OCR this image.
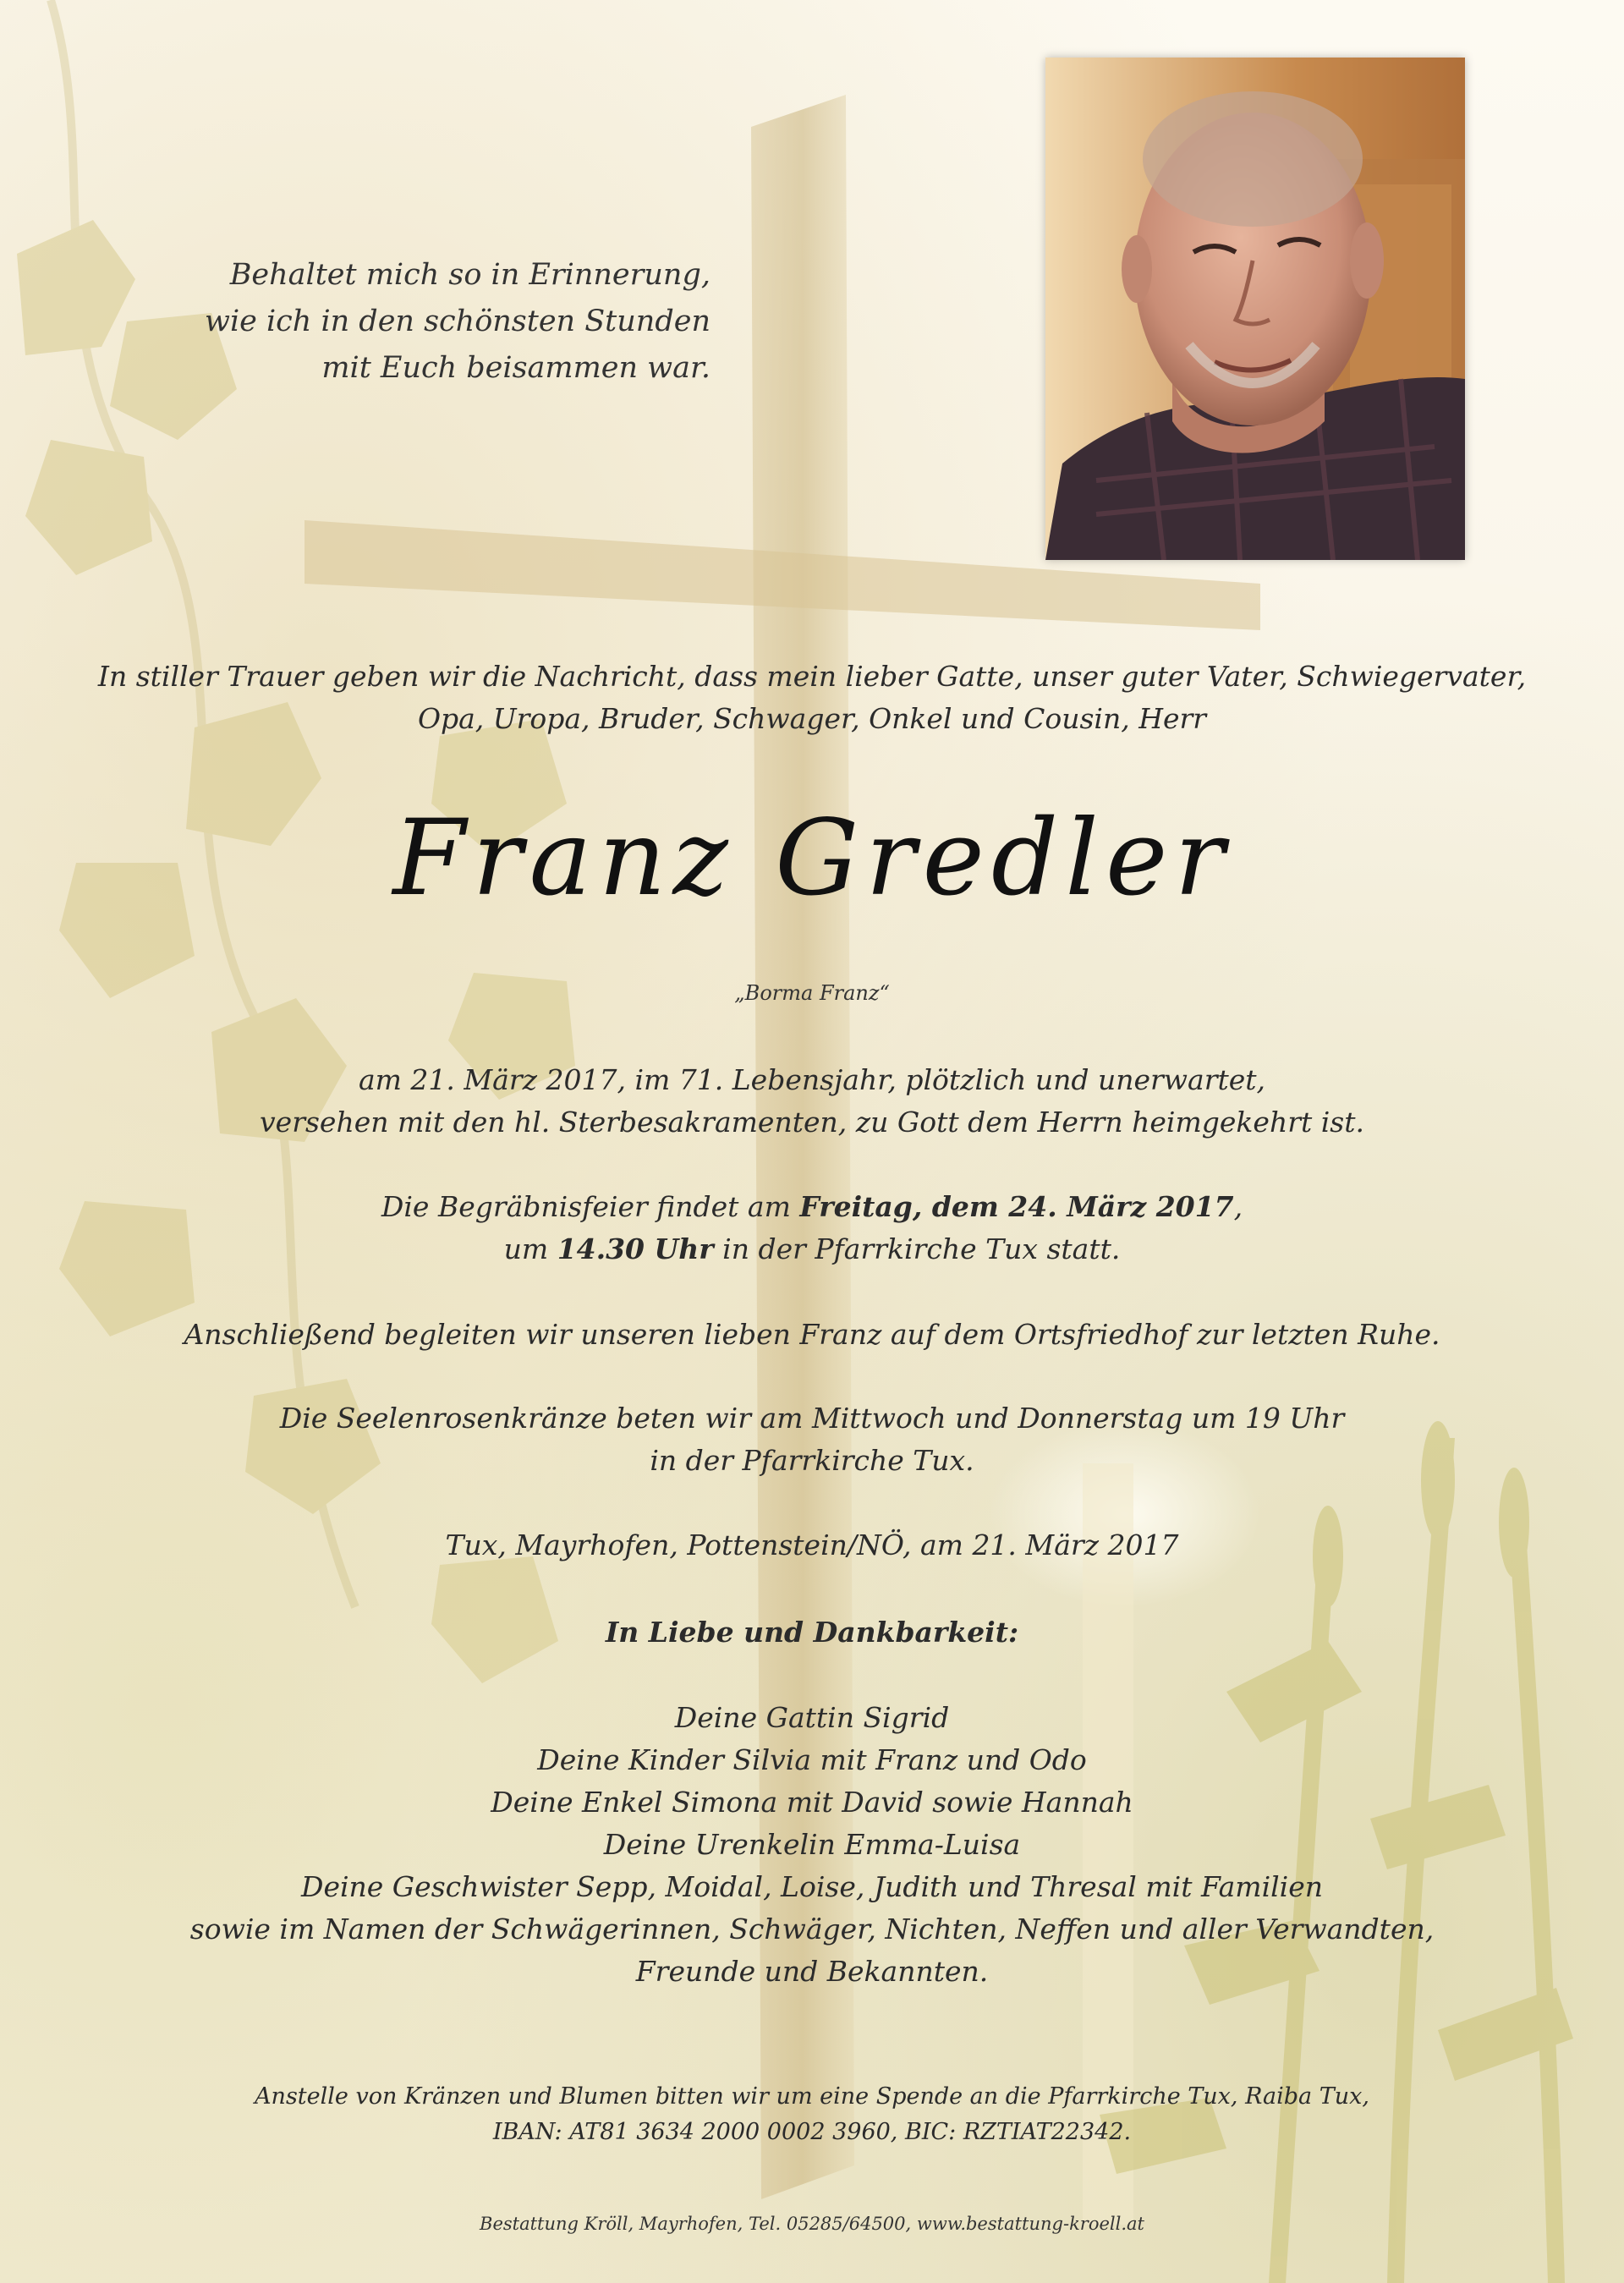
Behaltet mich so in Erinnerung,
wie ich in den schönsten Stunden
mit Euch beisammen war.
In stiller Trauer geben wir die Nachricht, dass mein lieber Gatte, unser guter Vater, Schwiegervater,
Opa, Uropa, Bruder, Schwager, Onkel und Cousin, Herr
Franz Gredler
„Borma Franz“
am 21. März 2017, im 71. Lebensjahr, plötzlich und unerwartet,
versehen mit den hl. Sterbesakramenten, zu Gott dem Herrn heimgekehrt ist.
Die Begräbnisfeier findet am Freitag, dem 24. März 2017,
um 14.30 Uhr in der Pfarrkirche Tux statt.
Anschließend begleiten wir unseren lieben Franz auf dem Ortsfriedhof zur letzten Ruhe.
Die Seelenrosenkränze beten wir am Mittwoch und Donnerstag um 19 Uhr
in der Pfarrkirche Tux.
Tux, Mayrhofen, Pottenstein/NÖ, am 21. März 2017
In Liebe und Dankbarkeit:
Deine Gattin Sigrid
Deine Kinder Silvia mit Franz und Odo
Deine Enkel Simona mit David sowie Hannah
Deine Urenkelin Emma-Luisa
Deine Geschwister Sepp, Moidal, Loise, Judith und Thresal mit Familien
sowie im Namen der Schwägerinnen, Schwäger, Nichten, Neffen und aller Verwandten,
Freunde und Bekannten.
Anstelle von Kränzen und Blumen bitten wir um eine Spende an die Pfarrkirche Tux, Raiba Tux,
IBAN: AT81 3634 2000 0002 3960, BIC: RZTIAT22342.
Bestattung Kröll, Mayrhofen, Tel. 05285/64500, www.bestattung-kroell.at
